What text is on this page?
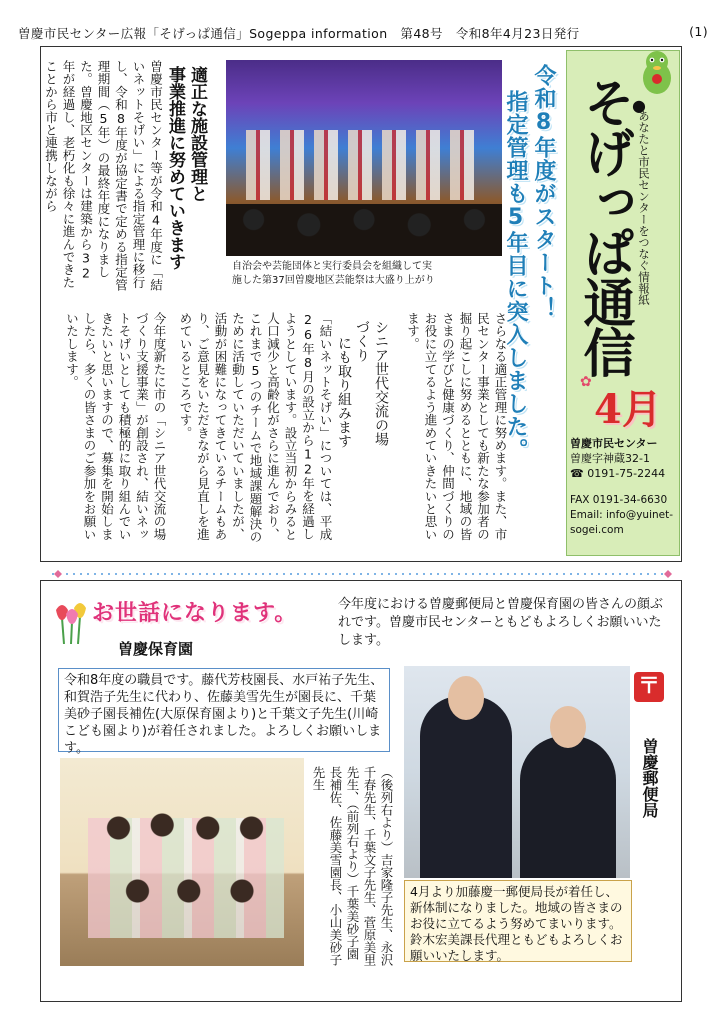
曽慶市民センター広報「そげっぱ通信」Sogeppa information　第48号　令和8年4月23日発行	(1)
曽慶市民センター等が令和4年度に「結いネットそげい」による指定管理に移行し、令和8年度が協定書で定める指定管理期間（5年）の最終年度になりました。曽慶地区センターは建築から32年が経過し、老朽化も徐々に進んできたことから市と連携しながら	適正な施設管理と
事業推進に努めていきます	自治会や芸能団体と実行委員会を組織して実
施した第37回曽慶地区芸能祭は大盛り上がり	令和8年度がスタート！
指定管理も5年目に突入しました。
さらなる適正管理に努めます。また、市民センター事業としても新たな参加者の掘り起こしに努めるとともに、地域の皆さまの学びと健康づくり、仲間づくりのお役に立てるよう進めていきたいと思います。
シニア世代交流の場づくり
にも取り組みます
「結いネットそげい」については、平成26年8月の設立から12年を経過しようとしています。設立当初からみると人口減少と高齢化がさらに進んでおり、これまで5つのチームで地域課題解決のために活動していただいていましたが、活動が困難になってきているチームもあり、ご意見をいただきながら見直しを進めているところです。
今年度新たに市の「シニア世代交流の場づくり支援事業」が創設され、結いネットそげいとしても積極的に取り組んでいきたいと思いますので、募集を開始しましたら、多くの皆さまのご参加をお願いいたします。	そげっぱ通信
●
あなたと市民センターをつなぐ情報紙
✿
4月
曽慶市民センター
曽慶字神蔵32-1
☎ 0191-75-2244
FAX 0191-34-6630
Email: info@yuinet-sogei.com
お世話になります。	今年度における曽慶郵便局と曽慶保育園の皆さんの顔ぶれです。曽慶市民センターともどもよろしくお願いいたします。
曽慶保育園
令和8年度の職員です。藤代芳枝園長、水戸祐子先生、和賀浩子先生に代わり、佐藤美雪先生が園長に、千葉美砂子園長補佐(大原保育園より)と千葉文子先生(川崎こども園より)が着任されました。よろしくお願いします。
（後列右より）吉家隆子先生、永沢千春先生、千葉文子先生、菅原美里先生、（前列右より）千葉美砂子園長補佐、佐藤美雪園長、小山美砂子先生
〒
曽慶郵便局
4月より加藤慶一郵便局長が着任し、新体制になりました。地域の皆さまのお役に立てるよう努めてまいります。鈴木宏美課長代理ともどもよろしくお願いいたします。
